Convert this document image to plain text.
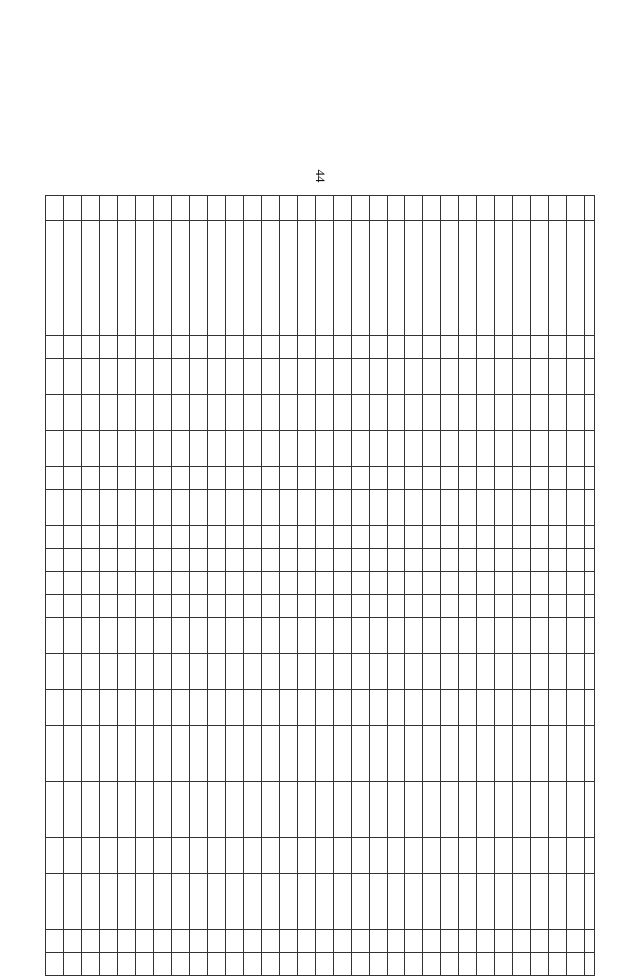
44
